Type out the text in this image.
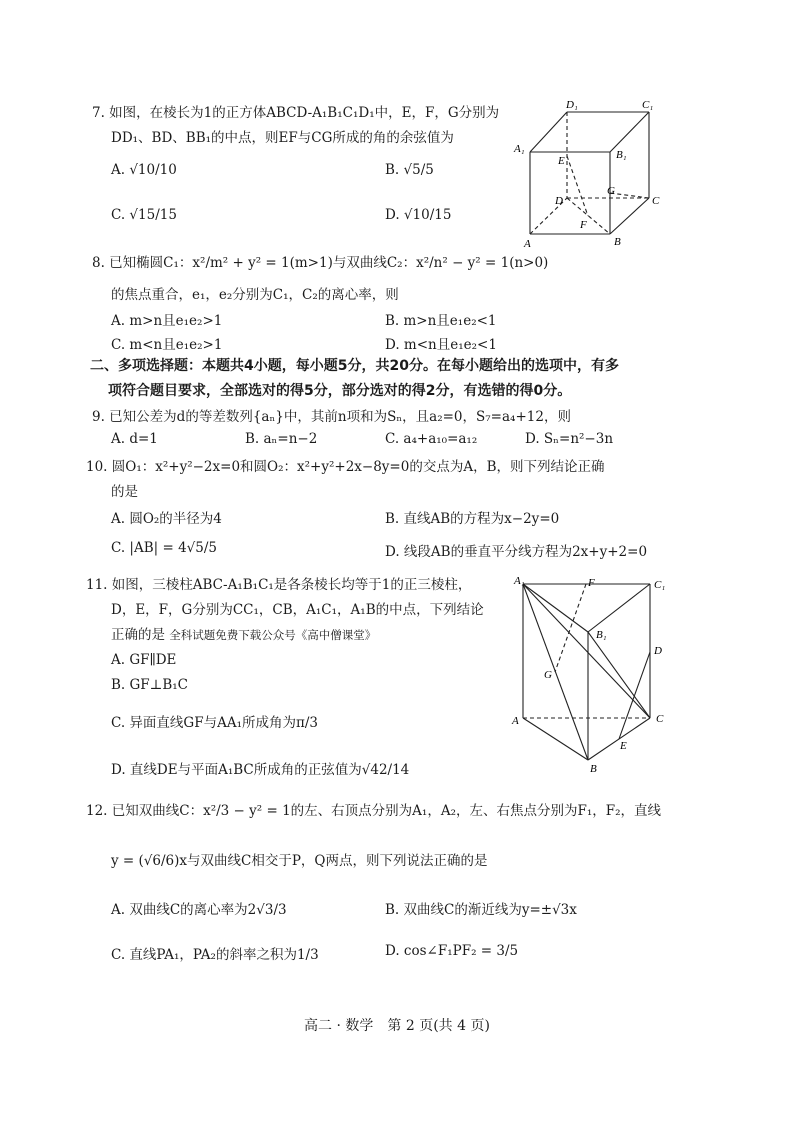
7. 如图，在棱长为1的正方体ABCD-A₁B₁C₁D₁中，E，F，G分别为
DD₁、BD、BB₁的中点，则EF与CG所成的角的余弦值为
A. √10/10	B. √5/5
C. √15/15	D. √10/15
D₁	C₁
A₁	B₁
E
G
D	C
F
A	B
8. 已知椭圆C₁：x²/m² + y² = 1(m>1)与双曲线C₂：x²/n² − y² = 1(n>0)
的焦点重合，e₁，e₂分别为C₁，C₂的离心率，则
A. m>n且e₁e₂>1	B. m>n且e₁e₂<1
C. m<n且e₁e₂>1	D. m<n且e₁e₂<1
二、多项选择题：本题共4小题，每小题5分，共20分。在每小题给出的选项中，有多
项符合题目要求，全部选对的得5分，部分选对的得2分，有选错的得0分。
9. 已知公差为d的等差数列{aₙ}中，其前n项和为Sₙ，且a₂=0，S₇=a₄+12，则
A. d=1	B. aₙ=n−2	C. a₄+a₁₀=a₁₂	D. Sₙ=n²−3n
10. 圆O₁：x²+y²−2x=0和圆O₂：x²+y²+2x−8y=0的交点为A，B，则下列结论正确
的是
A. 圆O₂的半径为4	B. 直线AB的方程为x−2y=0
C. |AB| = 4√5/5	D. 线段AB的垂直平分线方程为2x+y+2=0
11. 如图，三棱柱ABC-A₁B₁C₁是各条棱长均等于1的正三棱柱，
D，E，F，G分别为CC₁，CB，A₁C₁，A₁B的中点，下列结论
正确的是 全科试题免费下载公众号《高中僧课堂》
A. GF∥DE
B. GF⊥B₁C
C. 异面直线GF与AA₁所成角为π/3
D. 直线DE与平面A₁BC所成角的正弦值为√42/14
A₁	F	C₁
B₁
D
G
A	C
E
B
12. 已知双曲线C：x²/3 − y² = 1的左、右顶点分别为A₁，A₂，左、右焦点分别为F₁，F₂，直线
y = (√6/6)x与双曲线C相交于P，Q两点，则下列说法正确的是
A. 双曲线C的离心率为2√3/3	B. 双曲线C的渐近线为y=±√3x
C. 直线PA₁，PA₂的斜率之积为1/3	D. cos∠F₁PF₂ = 3/5
高二 · 数学　第 2 页(共 4 页)
